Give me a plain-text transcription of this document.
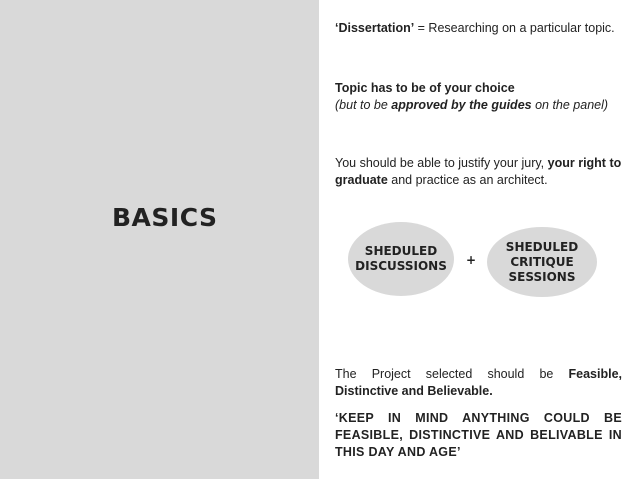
BASICS
‘Dissertation’ = Researching on a particular topic.
Topic has to be of your choice
(but to be approved by the guides on the panel)
You should be able to justify your jury, your right to graduate and practice as an architect.
SHEDULED
DISCUSSIONS	+
SHEDULED
CRITIQUE
SESSIONS
The Project selected should be Feasible, Distinctive and Believable.
‘KEEP IN MIND ANYTHING COULD BE FEASIBLE, DISTINCTIVE AND BELIVABLE IN THIS DAY AND AGE’
